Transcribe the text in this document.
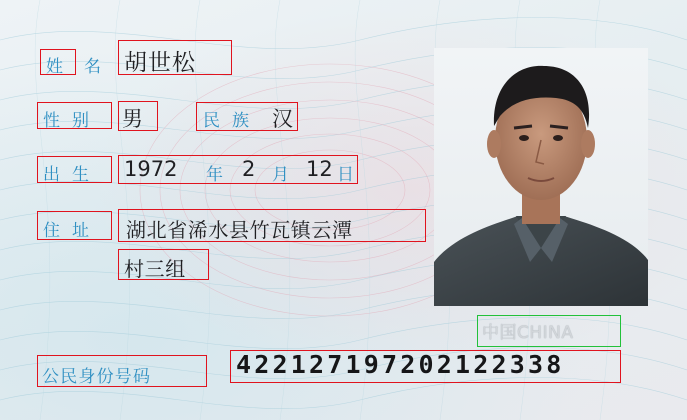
姓 名 胡世松
性别 男	民族 汉
出生 1972 年 2 月 12 日
住址 湖北省浠水县竹瓦镇云潭
村三组
公民身份号码	422127197202122338
中国CHINA
